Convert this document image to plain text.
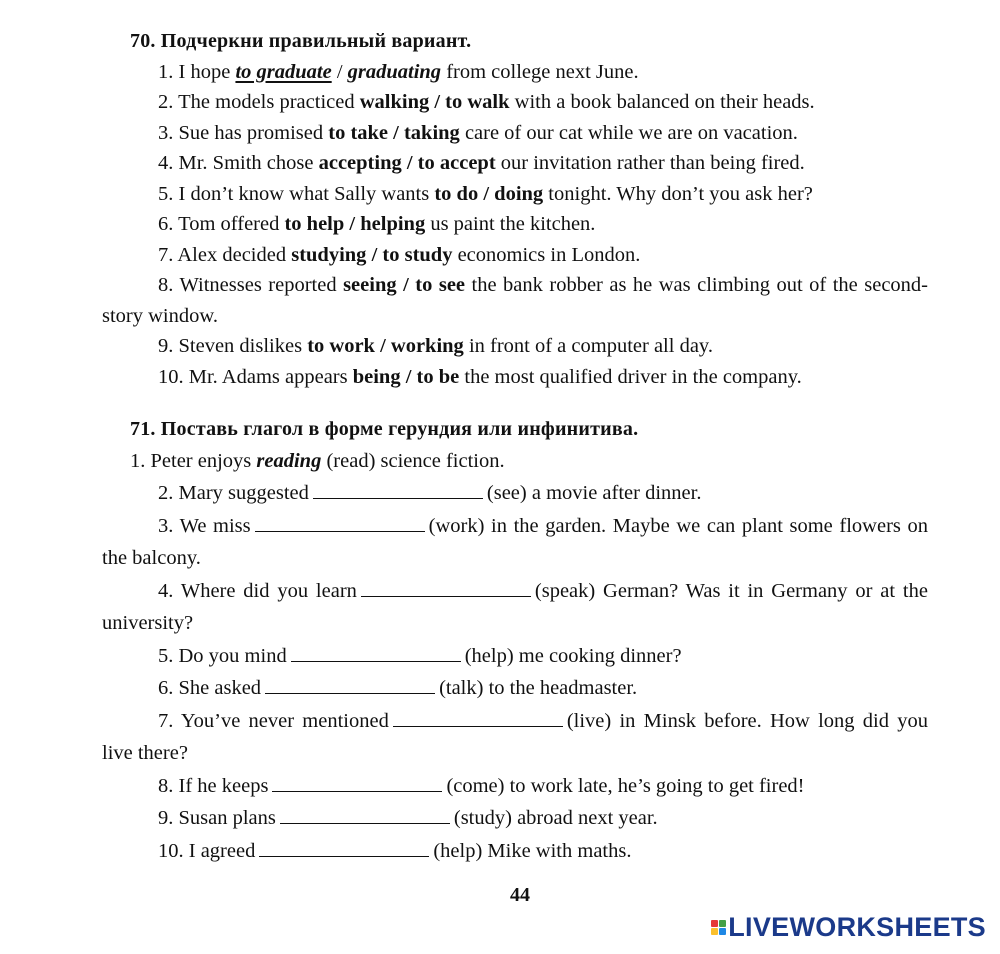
70. Подчеркни правильный вариант.
1. I hope to graduate / graduating from college next June.
2. The models practiced walking / to walk with a book balanced on their heads.
3. Sue has promised to take / taking care of our cat while we are on vacation.
4. Mr. Smith chose accepting / to accept our invitation rather than being fired.
5. I don’t know what Sally wants to do / doing tonight. Why don’t you ask her?
6. Tom offered to help / helping us paint the kitchen.
7. Alex decided studying / to study economics in London.
8. Witnesses reported seeing / to see the bank robber as he was climbing out of the second-story window.
9. Steven dislikes to work / working in front of a computer all day.
10. Mr. Adams appears being / to be the most qualified driver in the company.
71. Поставь глагол в форме герундия или инфинитива.
1. Peter enjoys reading (read) science fiction.
2. Mary suggested	(see) a movie after dinner.
3. We miss	(work) in the garden. Maybe we can plant some flowers on the balcony.
4. Where did you learn	(speak) German? Was it in Germany or at the university?
5. Do you mind	(help) me cooking dinner?
6. She asked	(talk) to the headmaster.
7. You’ve never mentioned	(live) in Minsk before. How long did you live there?
8. If he keeps	(come) to work late, he’s going to get fired!
9. Susan plans	(study) abroad next year.
10. I agreed	(help) Mike with maths.
44
LIVEWORKSHEETS
